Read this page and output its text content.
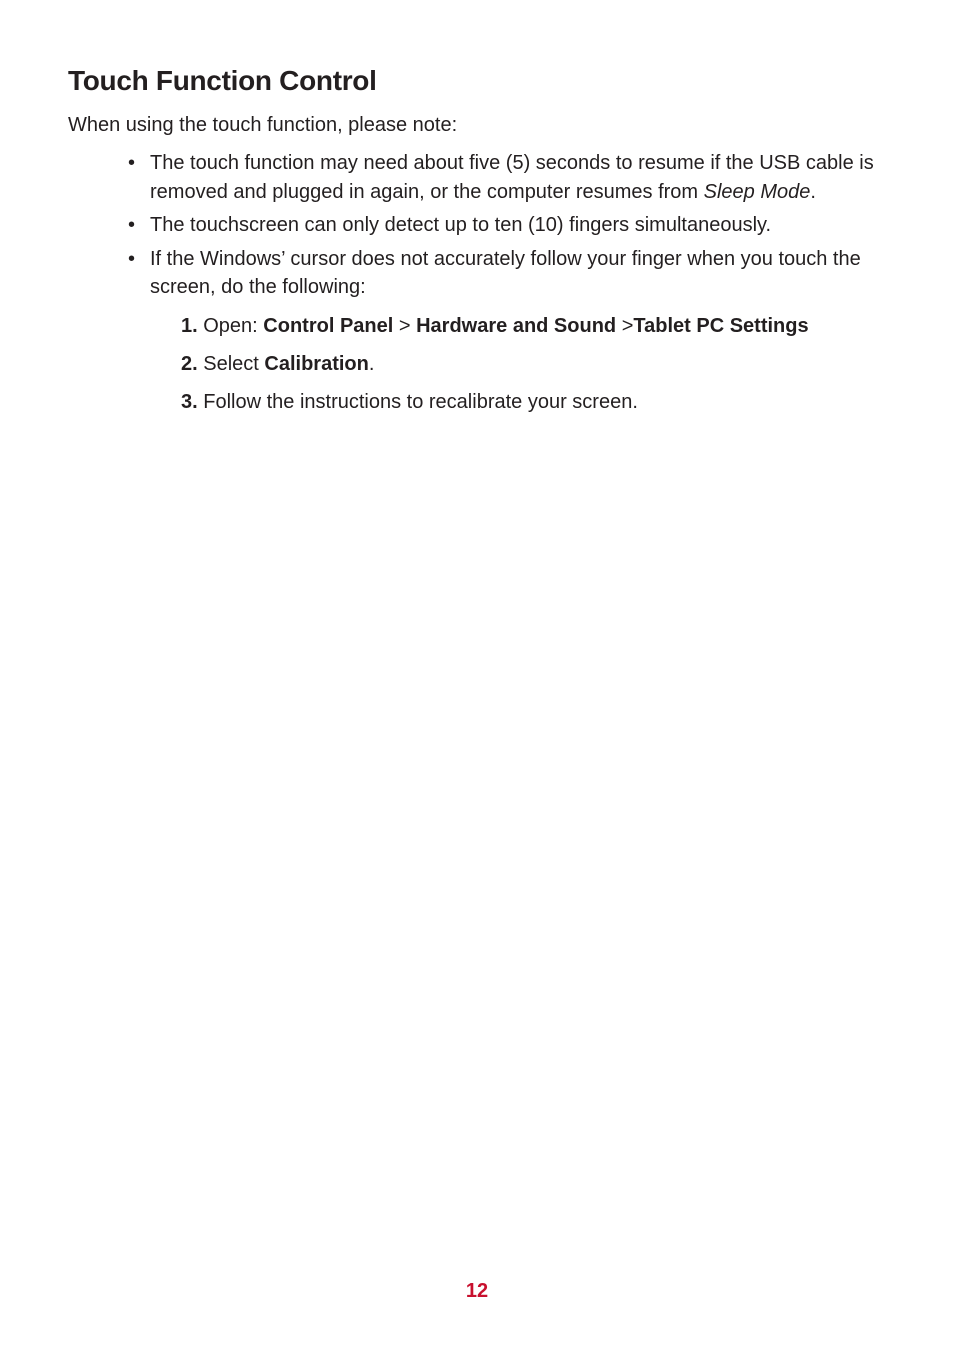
Touch Function Control

When using the touch function, please note:

• The touch function may need about five (5) seconds to resume if the USB cable is removed and plugged in again, or the computer resumes from Sleep Mode.
• The touchscreen can only detect up to ten (10) fingers simultaneously.
• If the Windows’ cursor does not accurately follow your finger when you touch the screen, do the following:
1. Open: Control Panel > Hardware and Sound >Tablet PC Settings
2. Select Calibration.
3. Follow the instructions to recalibrate your screen.
12
